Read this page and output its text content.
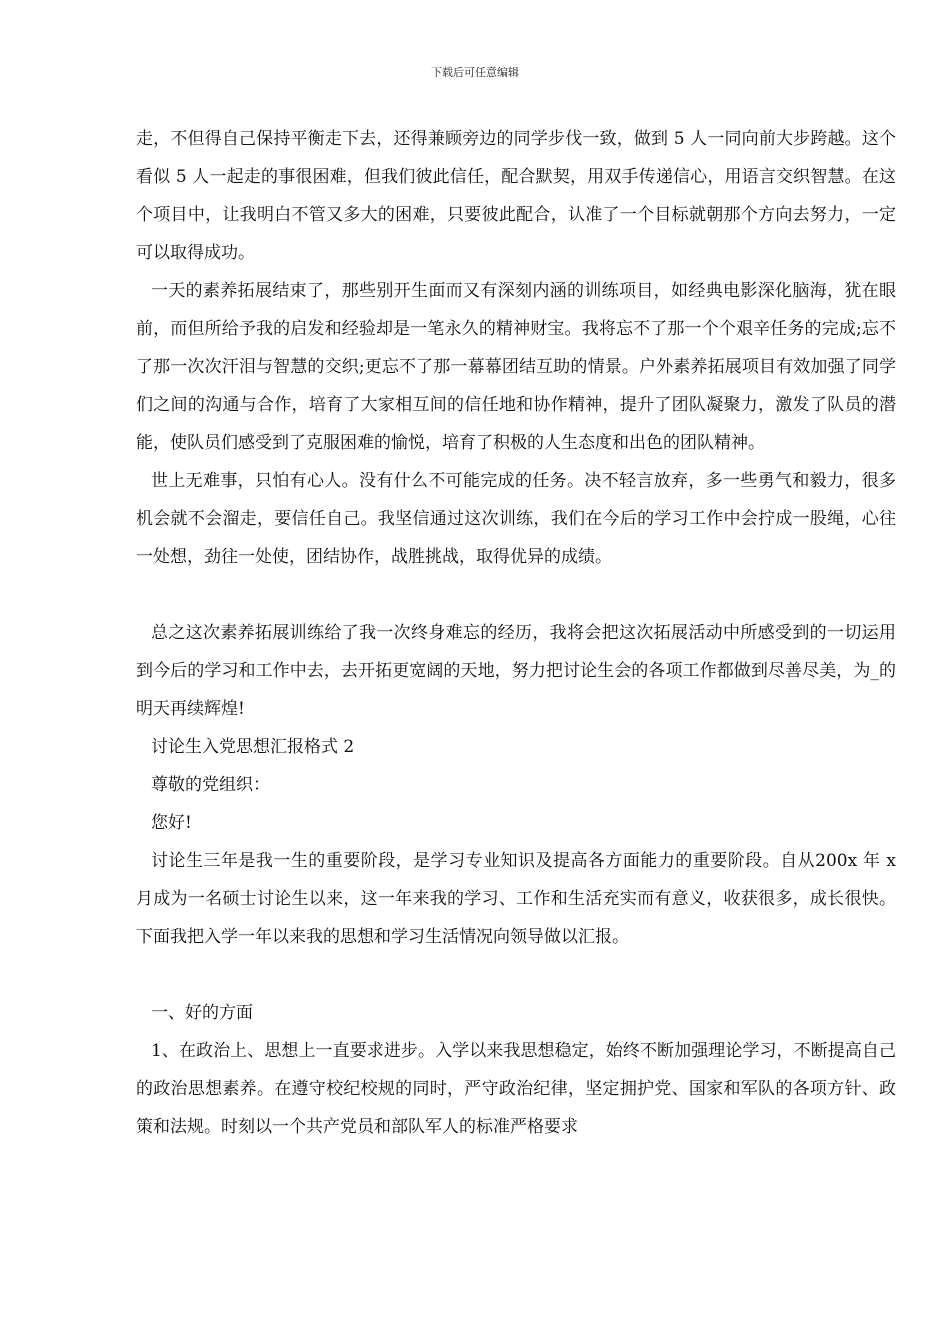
下载后可任意编辑

走，不但得自己保持平衡走下去，还得兼顾旁边的同学步伐一致，做到 5 人一同向前大步跨越。这个看似 5 人一起走的事很困难，但我们彼此信任，配合默契，用双手传递信心，用语言交织智慧。在这个项目中，让我明白不管又多大的困难，只要彼此配合，认准了一个目标就朝那个方向去努力，一定可以取得成功。

一天的素养拓展结束了，那些别开生面而又有深刻内涵的训练项目，如经典电影深化脑海，犹在眼前，而但所给予我的启发和经验却是一笔永久的精神财宝。我将忘不了那一个个艰辛任务的完成;忘不了那一次次汗泪与智慧的交织;更忘不了那一幕幕团结互助的情景。户外素养拓展项目有效加强了同学们之间的沟通与合作，培育了大家相互间的信任地和协作精神，提升了团队凝聚力，激发了队员的潜能，使队员们感受到了克服困难的愉悦，培育了积极的人生态度和出色的团队精神。

世上无难事，只怕有心人。没有什么不可能完成的任务。决不轻言放弃，多一些勇气和毅力，很多机会就不会溜走，要信任自己。我坚信通过这次训练，我们在今后的学习工作中会拧成一股绳，心往一处想，劲往一处使，团结协作，战胜挑战，取得优异的成绩。

总之这次素养拓展训练给了我一次终身难忘的经历，我将会把这次拓展活动中所感受到的一切运用到今后的学习和工作中去，去开拓更宽阔的天地，努力把讨论生会的各项工作都做到尽善尽美，为_的明天再续辉煌!

讨论生入党思想汇报格式 2

尊敬的党组织：

您好!

讨论生三年是我一生的重要阶段，是学习专业知识及提高各方面能力的重要阶段。自从200x 年 x 月成为一名硕士讨论生以来，这一年来我的学习、工作和生活充实而有意义，收获很多，成长很快。下面我把入学一年以来我的思想和学习生活情况向领导做以汇报。

一、好的方面

1、在政治上、思想上一直要求进步。入学以来我思想稳定，始终不断加强理论学习，不断提高自己的政治思想素养。在遵守校纪校规的同时，严守政治纪律，坚定拥护党、国家和军队的各项方针、政策和法规。时刻以一个共产党员和部队军人的标准严格要求
